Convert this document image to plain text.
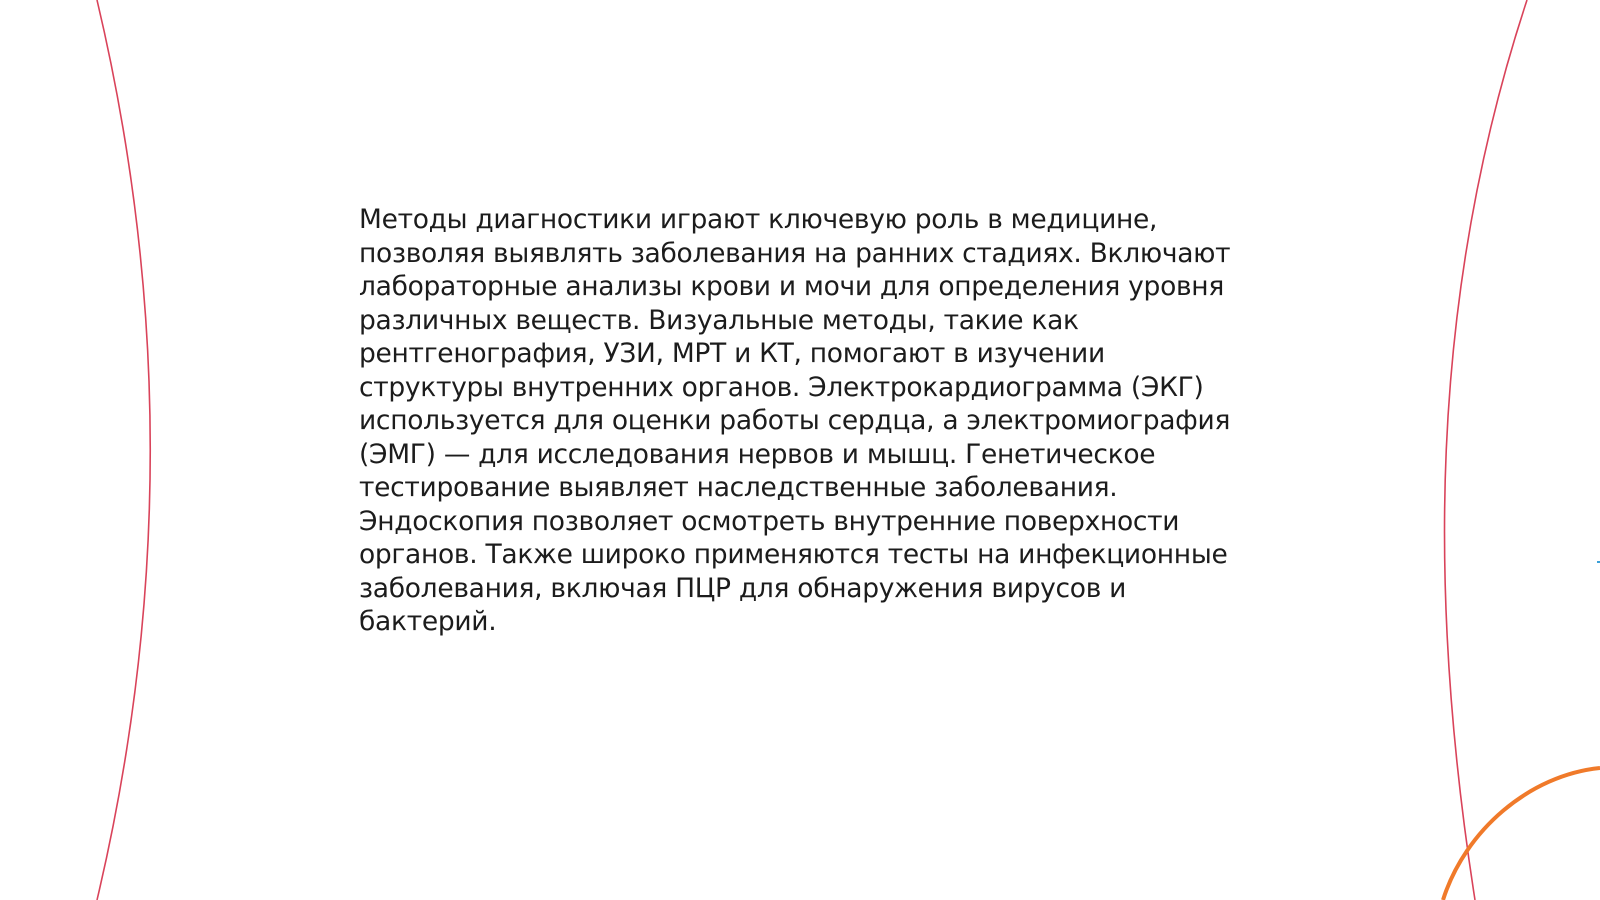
Методы диагностики играют ключевую роль в медицине,
позволяя выявлять заболевания на ранних стадиях. Включают
лабораторные анализы крови и мочи для определения уровня
различных веществ. Визуальные методы, такие как
рентгенография, УЗИ, МРТ и КТ, помогают в изучении
структуры внутренних органов. Электрокардиограмма (ЭКГ)
используется для оценки работы сердца, а электромиография
(ЭМГ) — для исследования нервов и мышц. Генетическое
тестирование выявляет наследственные заболевания.
Эндоскопия позволяет осмотреть внутренние поверхности
органов. Также широко применяются тесты на инфекционные
заболевания, включая ПЦР для обнаружения вирусов и
бактерий.
